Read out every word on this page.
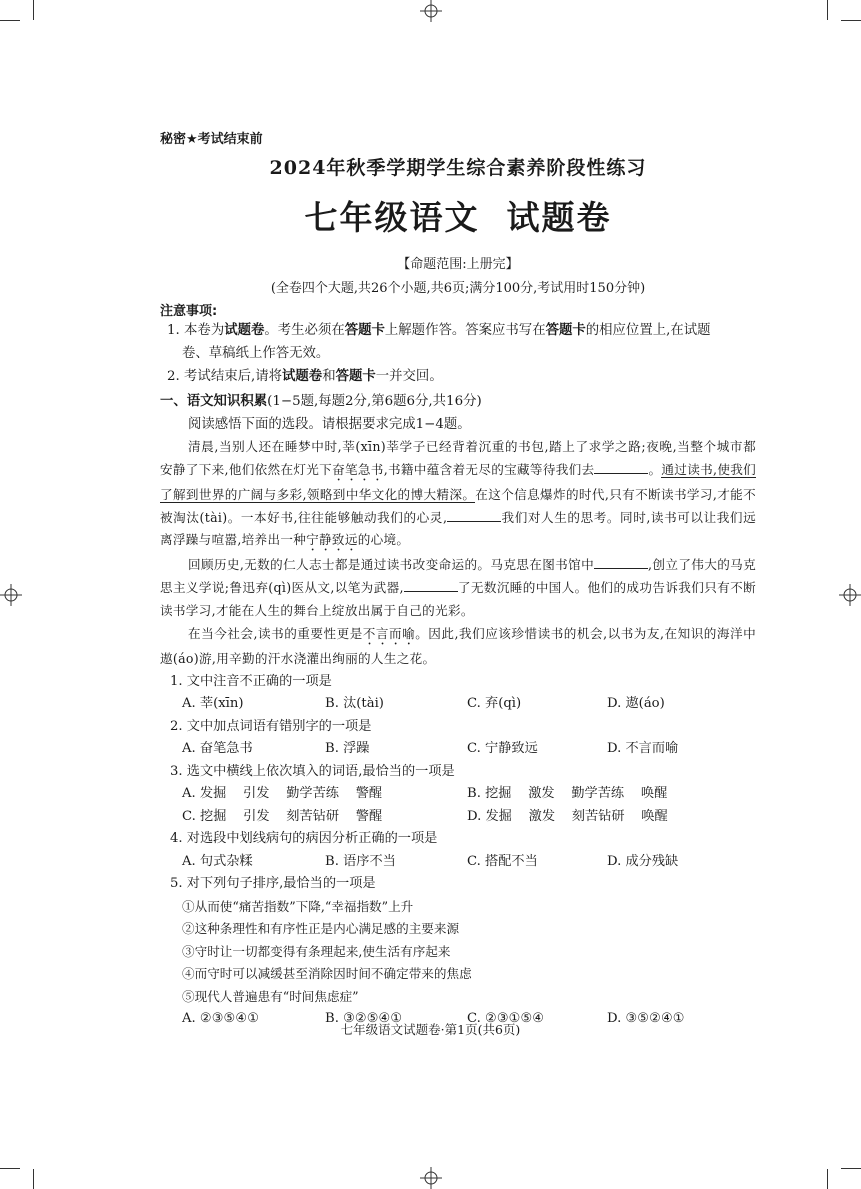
秘密★考试结束前
2024年秋季学期学生综合素养阶段性练习
七年级语文  试题卷
【命题范围:上册完】
(全卷四个大题,共26个小题,共6页;满分100分,考试用时150分钟)
注意事项:
1. 本卷为试题卷。考生必须在答题卡上解题作答。答案应书写在答题卡的相应位置上,在试题
卷、草稿纸上作答无效。
2. 考试结束后,请将试题卷和答题卡一并交回。
一、语文知识积累(1−5题,每题2分,第6题6分,共16分)
阅读感悟下面的选段。请根据要求完成1−4题。

清晨,当别人还在睡梦中时,莘(xīn)莘学子已经背着沉重的书包,踏上了求学之路;夜晚,当整个城市都安静了下来,他们依然在灯光下奋笔急书,书籍中蕴含着无尽的宝藏等待我们去	。通过读书,使我们了解到世界的广阔与多彩,领略到中华文化的博大精深。在这个信息爆炸的时代,只有不断读书学习,才能不被淘汰(tài)。一本好书,往往能够触动我们的心灵,	我们对人生的思考。同时,读书可以让我们远离浮躁与喧嚣,培养出一种宁静致远的心境。

回顾历史,无数的仁人志士都是通过读书改变命运的。马克思在图书馆中	,创立了伟大的马克思主义学说;鲁迅弃(qì)医从文,以笔为武器,	了无数沉睡的中国人。他们的成功告诉我们只有不断读书学习,才能在人生的舞台上绽放出属于自己的光彩。

在当今社会,读书的重要性更是不言而喻。因此,我们应该珍惜读书的机会,以书为友,在知识的海洋中遨(áo)游,用辛勤的汗水浇灌出绚丽的人生之花。

1. 文中注音不正确的一项是
A. 莘(xīn)	B. 汰(tài)	C. 弃(qì)	D. 遨(áo)
2. 文中加点词语有错别字的一项是
A. 奋笔急书	B. 浮躁	C. 宁静致远	D. 不言而喻
3. 选文中横线上依次填入的词语,最恰当的一项是
A. 发掘    引发    勤学苦练    警醒	B. 挖掘    激发    勤学苦练    唤醒
C. 挖掘    引发    刻苦钻研    警醒	D. 发掘    激发    刻苦钻研    唤醒
4. 对选段中划线病句的病因分析正确的一项是
A. 句式杂糅	B. 语序不当	C. 搭配不当	D. 成分残缺
5. 对下列句子排序,最恰当的一项是
①从而使“痛苦指数”下降,“幸福指数”上升
②这种条理性和有序性正是内心满足感的主要来源
③守时让一切都变得有条理起来,使生活有序起来
④而守时可以减缓甚至消除因时间不确定带来的焦虑
⑤现代人普遍患有“时间焦虑症”
A. ②③⑤④①	B. ③②⑤④①	C. ②③①⑤④	D. ③⑤②④①
七年级语文试题卷·第1页(共6页)
